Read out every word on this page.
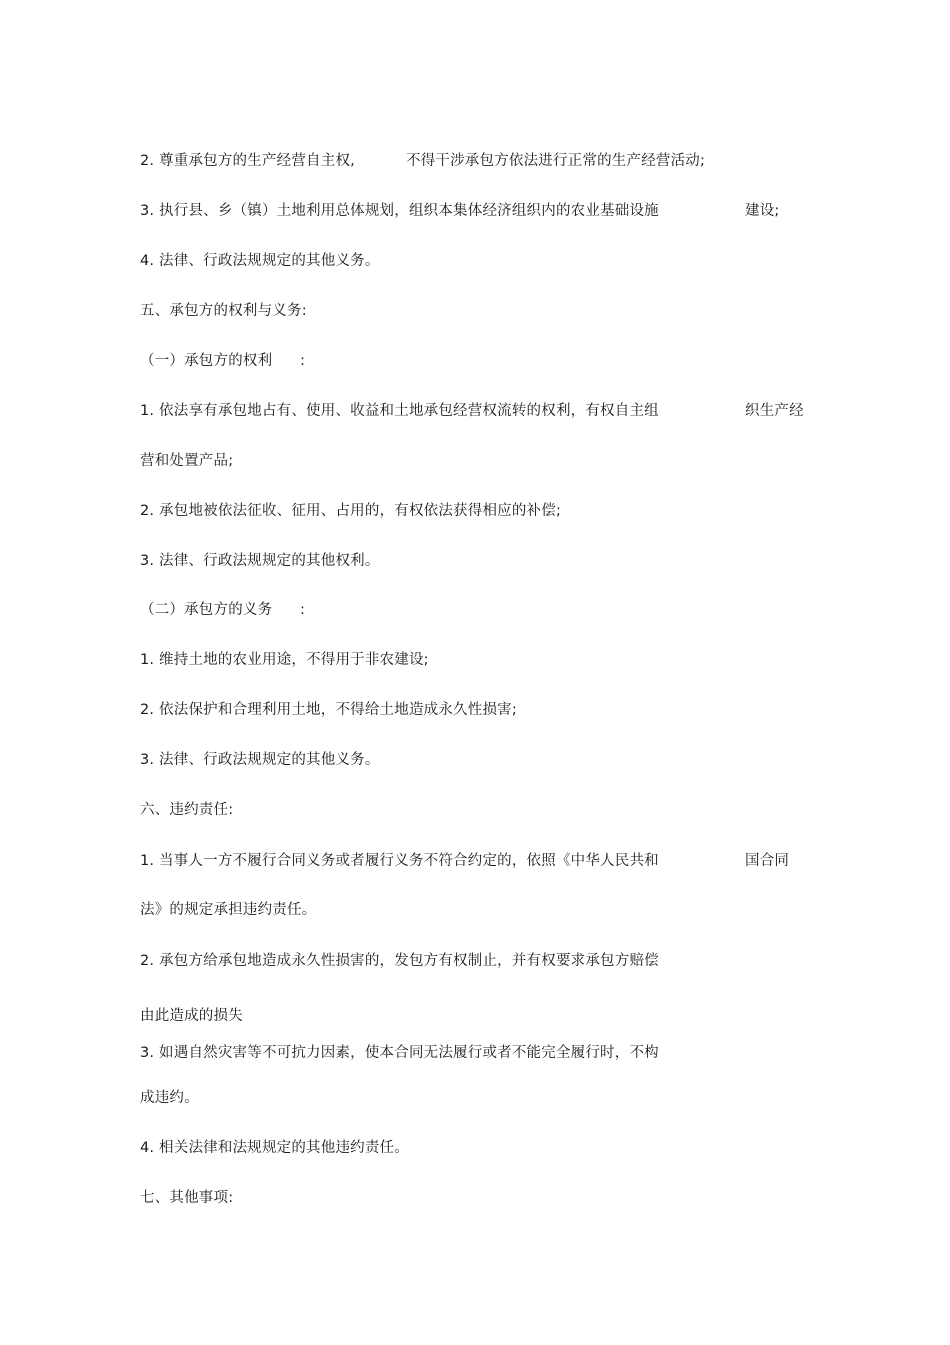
2. 尊重承包方的生产经营自主权,	不得干涉承包方依法进行正常的生产经营活动;
3. 执行县、乡（镇）土地利用总体规划，组织本集体经济组织内的农业基础设施	建设;
4. 法律、行政法规规定的其他义务。
五、承包方的权利与义务:
（一）承包方的权利 :
1. 依法享有承包地占有、使用、收益和土地承包经营权流转的权利，有权自主组	织生产经
营和处置产品;
2. 承包地被依法征收、征用、占用的，有权依法获得相应的补偿;
3. 法律、行政法规规定的其他权利。
（二）承包方的义务 :
1. 维持土地的农业用途，不得用于非农建设;
2. 依法保护和合理利用土地，不得给土地造成永久性损害;
3. 法律、行政法规规定的其他义务。
六、违约责任:
1. 当事人一方不履行合同义务或者履行义务不符合约定的，依照《中华人民共和	国合同
法》的规定承担违约责任。
2. 承包方给承包地造成永久性损害的，发包方有权制止，并有权要求承包方赔偿
由此造成的损失
3. 如遇自然灾害等不可抗力因素，使本合同无法履行或者不能完全履行时，不构
成违约。
4. 相关法律和法规规定的其他违约责任。
七、其他事项:
